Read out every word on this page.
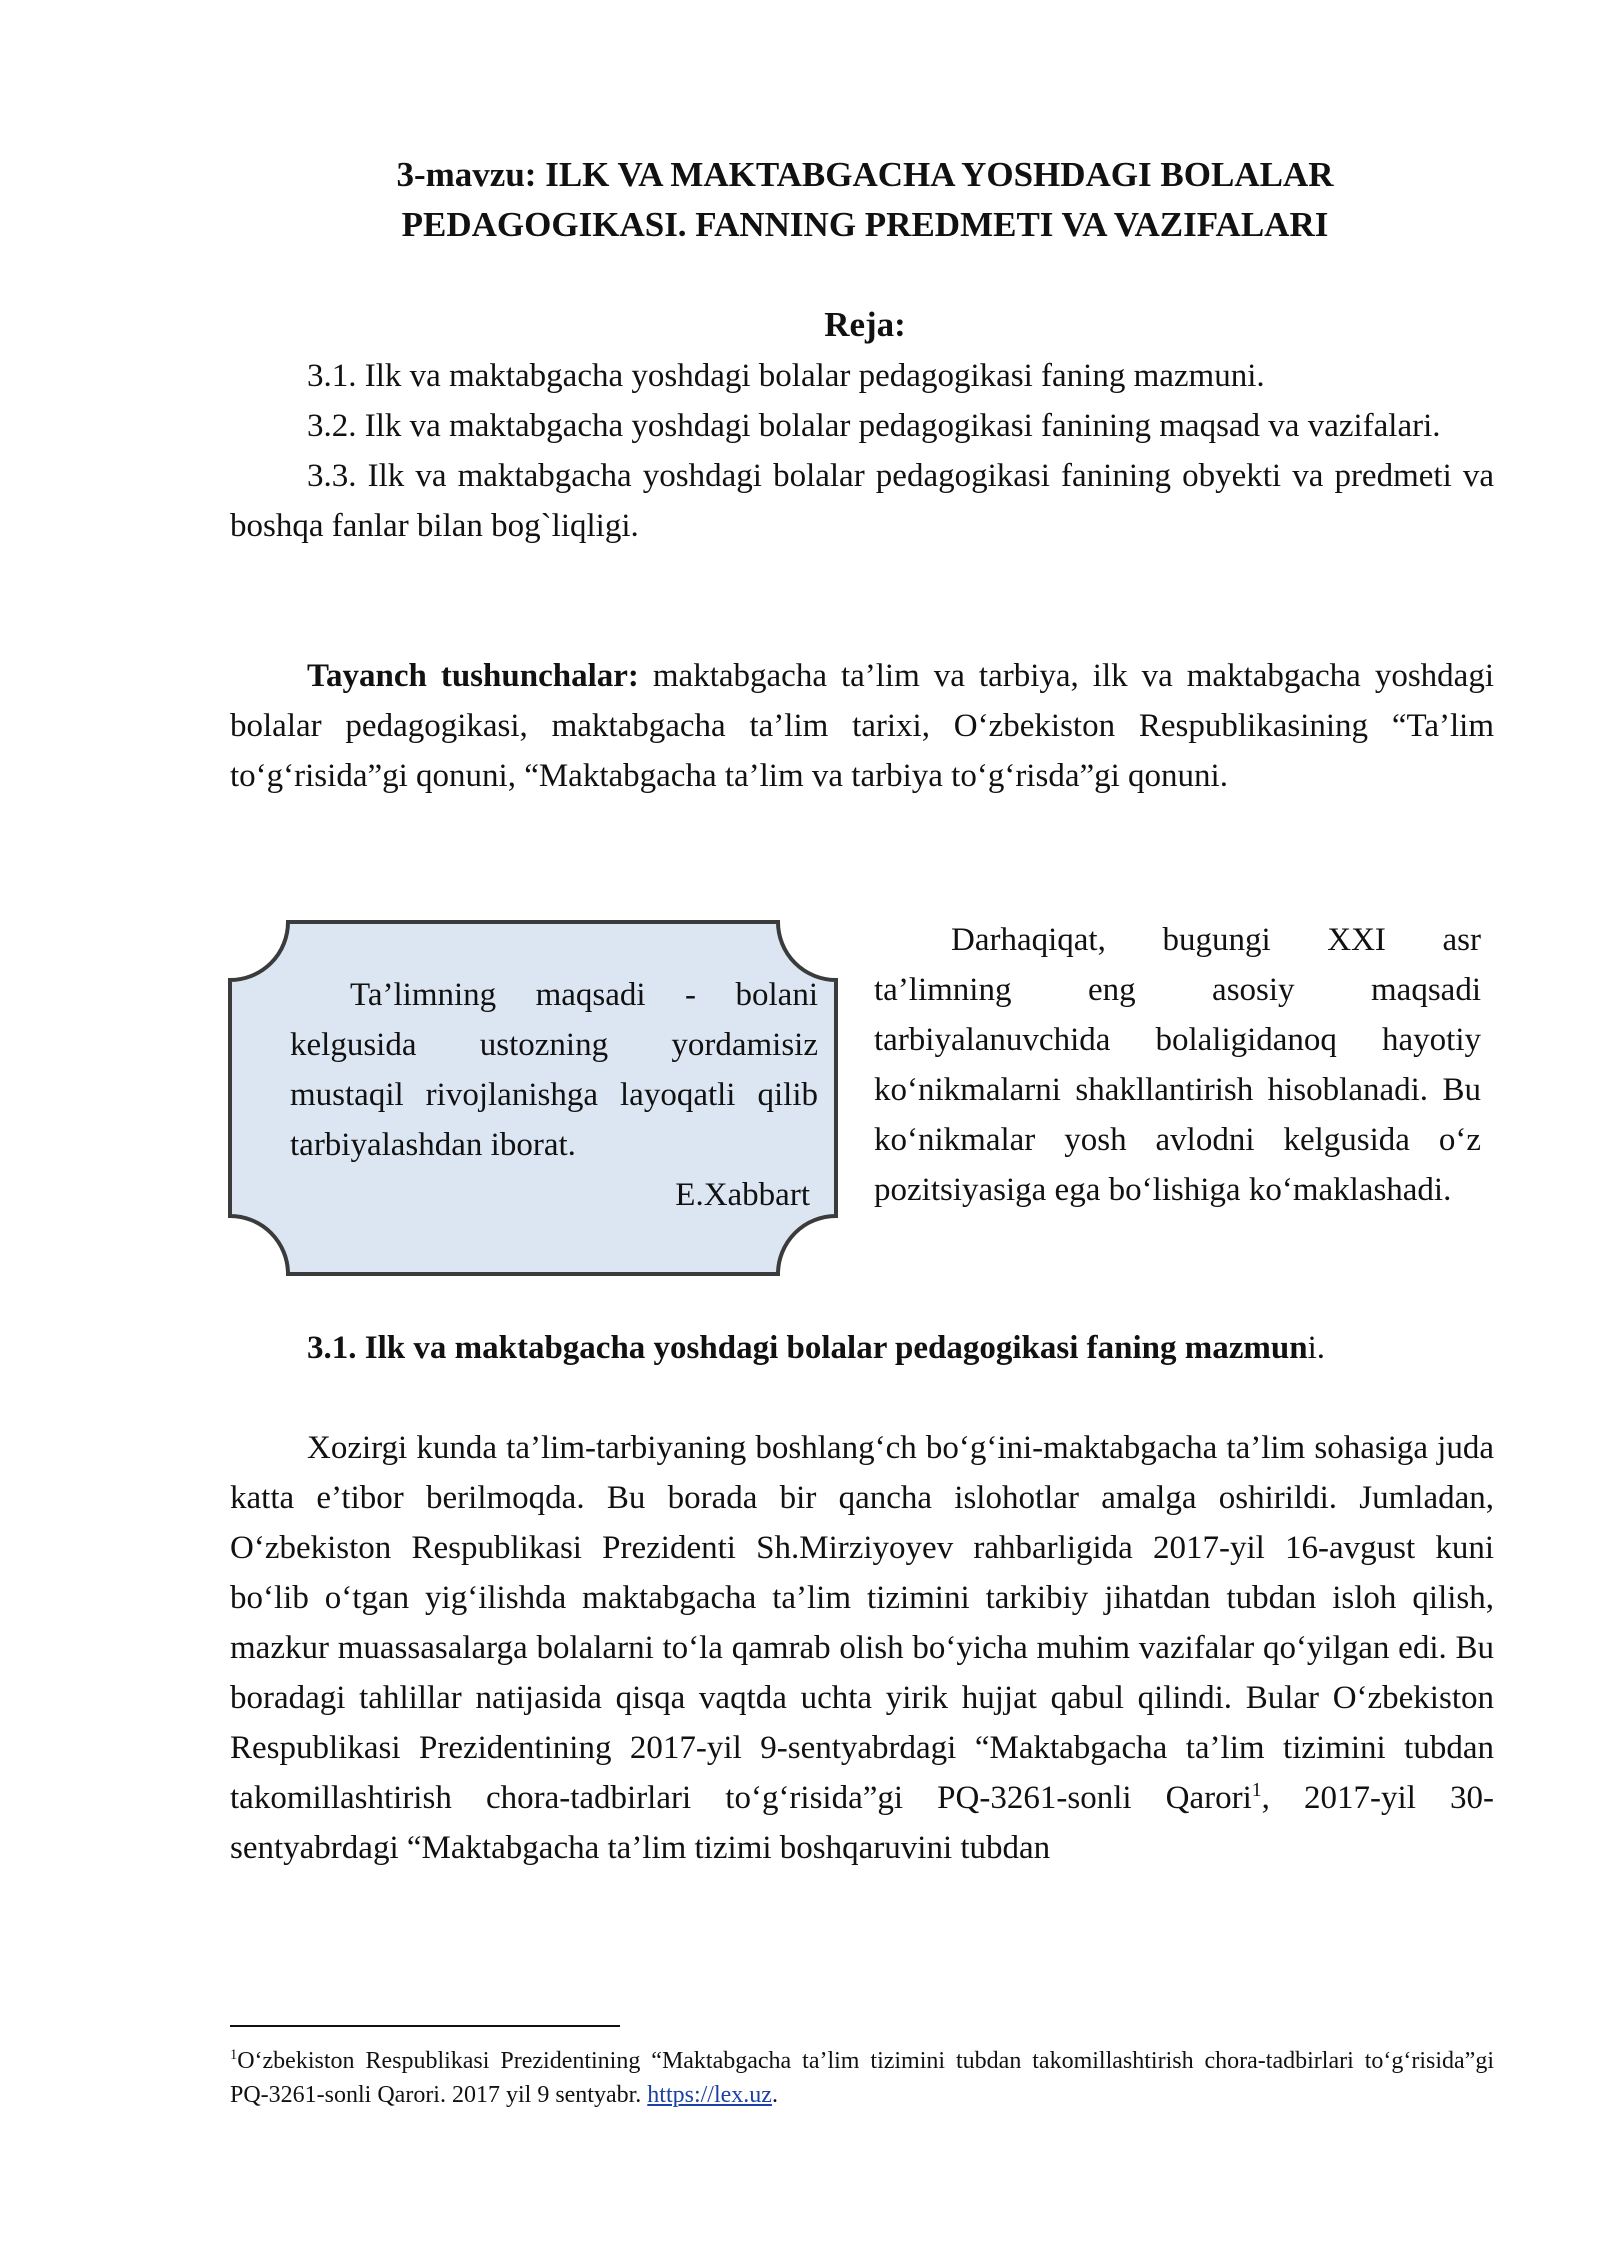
3-mavzu: ILK VA MAKTABGACHA YOSHDAGI BOLALAR
PEDAGOGIKASI. FANNING PREDMETI VA VAZIFALARI
Reja:

3.1. Ilk va maktabgacha yoshdagi bolalar pedagogikasi faning mazmuni.

3.2. Ilk va maktabgacha yoshdagi bolalar pedagogikasi fanining maqsad va vazifalari.

3.3. Ilk va maktabgacha yoshdagi bolalar pedagogikasi fanining obyekti va predmeti va boshqa fanlar bilan bog`liqligi.

Tayanch tushunchalar: maktabgacha ta’lim va tarbiya, ilk va maktabgacha yoshdagi bolalar pedagogikasi, maktabgacha ta’lim tarixi, O‘zbekiston Respublikasining “Ta’lim to‘g‘risida”gi qonuni, “Maktabgacha ta’lim va tarbiya to‘g‘risda”gi qonuni.

Ta’limning maqsadi - bolani kelgusida ustozning yordamisiz mustaqil rivojlanishga layoqatli qilib tarbiyalashdan iborat.

E.Xabbart

Darhaqiqat, bugungi XXI asr ta’limning eng asosiy maqsadi tarbiyalanuvchida bolaligidanoq hayotiy ko‘nikmalarni shakllantirish hisoblanadi. Bu ko‘nikmalar yosh avlodni kelgusida o‘z pozitsiyasiga ega bo‘lishiga ko‘maklashadi.

3.1. Ilk va maktabgacha yoshdagi bolalar pedagogikasi faning mazmuni.
Xozirgi kunda ta’lim-tarbiyaning boshlang‘ch bo‘g‘ini-maktabgacha ta’lim sohasiga juda katta e’tibor berilmoqda. Bu borada bir qancha islohotlar amalga oshirildi. Jumladan, O‘zbekiston Respublikasi Prezidenti Sh.Mirziyoyev rahbarligida 2017-yil 16-avgust kuni bo‘lib o‘tgan yig‘ilishda maktabgacha ta’lim tizimini tarkibiy jihatdan tubdan isloh qilish, mazkur muassasalarga bolalarni to‘la qamrab olish bo‘yicha muhim vazifalar qo‘yilgan edi. Bu boradagi tahlillar natijasida qisqa vaqtda uchta yirik hujjat qabul qilindi. Bular O‘zbekiston Respublikasi Prezidentining 2017-yil 9-sentyabrdagi “Maktabgacha ta’lim tizimini tubdan takomillashtirish chora-tadbirlari to‘g‘risida”gi PQ-3261-sonli Qarori$^1$, 2017-yil 30-sentyabrdagi “Maktabgacha ta’lim tizimi boshqaruvini tubdan
$^1$O‘zbekiston Respublikasi Prezidentining “Maktabgacha ta’lim tizimini tubdan takomillashtirish chora-tadbirlari to‘g‘risida”gi PQ-3261-sonli Qarori. 2017 yil 9 sentyabr. https://lex.uz.
